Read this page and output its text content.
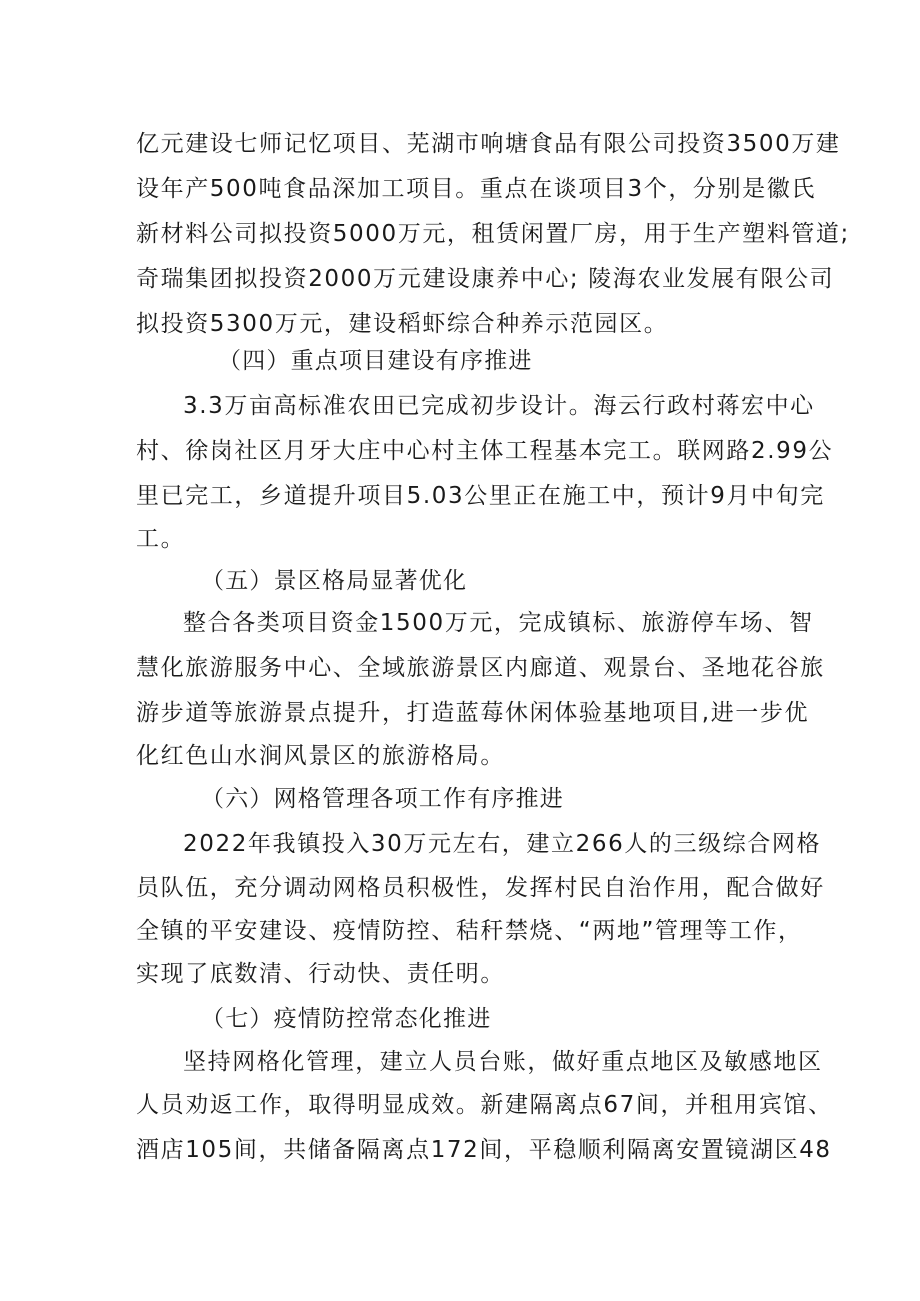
亿元建设七师记忆项目、芜湖市响塘食品有限公司投资3500万建
设年产500吨食品深加工项目。重点在谈项目3个，分别是徽氏
新材料公司拟投资5000万元，租赁闲置厂房，用于生产塑料管道;
奇瑞集团拟投资2000万元建设康养中心; 陵海农业发展有限公司
拟投资5300万元，建设稻虾综合种养示范园区。
（四）重点项目建设有序推进
3.3万亩高标准农田已完成初步设计。海云行政村蒋宏中心
村、徐岗社区月牙大庄中心村主体工程基本完工。联网路2.99公
里已完工，乡道提升项目5.03公里正在施工中，预计9月中旬完
工。
（五）景区格局显著优化
整合各类项目资金1500万元，完成镇标、旅游停车场、智
慧化旅游服务中心、全域旅游景区内廊道、观景台、圣地花谷旅
游步道等旅游景点提升，打造蓝莓休闲体验基地项目,进一步优
化红色山水涧风景区的旅游格局。
（六）网格管理各项工作有序推进
2022年我镇投入30万元左右，建立266人的三级综合网格
员队伍，充分调动网格员积极性，发挥村民自治作用，配合做好
全镇的平安建设、疫情防控、秸秆禁烧、“两地”管理等工作，
实现了底数清、行动快、责任明。
（七）疫情防控常态化推进
坚持网格化管理，建立人员台账，做好重点地区及敏感地区
人员劝返工作，取得明显成效。新建隔离点67间，并租用宾馆、
酒店105间，共储备隔离点172间，平稳顺利隔离安置镜湖区48
